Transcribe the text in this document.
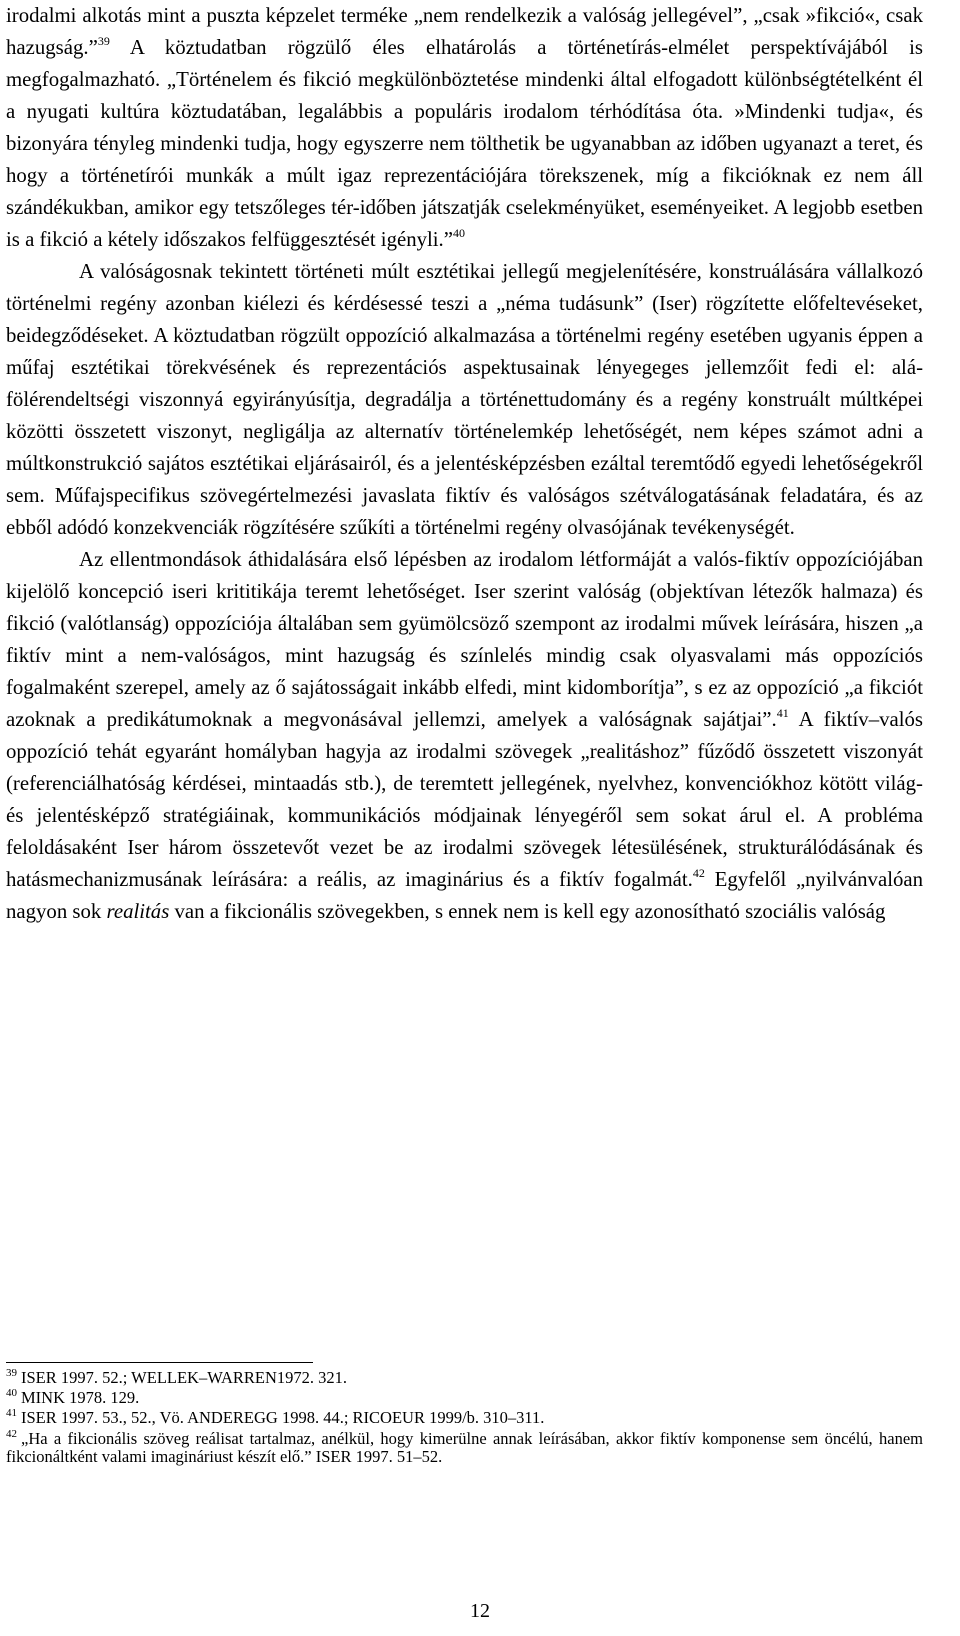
irodalmi alkotás mint a puszta képzelet terméke „nem rendelkezik a valóság jellegével”, „csak »fikció«, csak hazugság.”$^{39}$ A köztudatban rögzülő éles elhatárolás a történetírás-elmélet perspektívájából is megfogalmazható. „Történelem és fikció megkülönböztetése mindenki által elfogadott különbségtételként él a nyugati kultúra köztudatában, legalábbis a populáris irodalom térhódítása óta. »Mindenki tudja«, és bizonyára tényleg mindenki tudja, hogy egyszerre nem tölthetik be ugyanabban az időben ugyanazt a teret, és hogy a történetírói munkák a múlt igaz reprezentációjára törekszenek, míg a fikcióknak ez nem áll szándékukban, amikor egy tetszőleges tér-időben játszatják cselekményüket, eseményeiket. A legjobb esetben is a fikció a kétely időszakos felfüggesztését igényli.”$^{40}$

A valóságosnak tekintett történeti múlt esztétikai jellegű megjelenítésére, konstruálására vállalkozó történelmi regény azonban kiélezi és kérdésessé teszi a „néma tudásunk” (Iser) rögzítette előfeltevéseket, beidegződéseket. A köztudatban rögzült oppozíció alkalmazása a történelmi regény esetében ugyanis éppen a műfaj esztétikai törekvésének és reprezentációs aspektusainak lényegeges jellemzőit fedi el: alá-fölérendeltségi viszonnyá egyirányúsítja, degradálja a történettudomány és a regény konstruált múltképei közötti összetett viszonyt, negligálja az alternatív történelemkép lehetőségét, nem képes számot adni a múltkonstrukció sajátos esztétikai eljárásairól, és a jelentésképzésben ezáltal teremtődő egyedi lehetőségekről sem. Műfajspecifikus szövegértelmezési javaslata fiktív és valóságos szétválogatásának feladatára, és az ebből adódó konzekvenciák rögzítésére szűkíti a történelmi regény olvasójának tevékenységét.

Az ellentmondások áthidalására első lépésben az irodalom létformáját a valós-fiktív oppozíciójában kijelölő koncepció iseri krititikája teremt lehetőséget. Iser szerint valóság (objektívan létezők halmaza) és fikció (valótlanság) oppozíciója általában sem gyümölcsöző szempont az irodalmi művek leírására, hiszen „a fiktív mint a nem-valóságos, mint hazugság és színlelés mindig csak olyasvalami más oppozíciós fogalmaként szerepel, amely az ő sajátosságait inkább elfedi, mint kidomborítja”, s ez az oppozíció „a fikciót azoknak a predikátumoknak a megvonásával jellemzi, amelyek a valóságnak sajátjai”.$^{41}$ A fiktív–valós oppozíció tehát egyaránt homályban hagyja az irodalmi szövegek „realitáshoz” fűződő összetett viszonyát (referenciálhatóság kérdései, mintaadás stb.), de teremtett jellegének, nyelvhez, konvenciókhoz kötött világ- és jelentésképző stratégiáinak, kommunikációs módjainak lényegéről sem sokat árul el. A probléma feloldásaként Iser három összetevőt vezet be az irodalmi szövegek létesülésének, strukturálódásának és hatásmechanizmusának leírására: a reális, az imaginárius és a fiktív fogalmát.$^{42}$ Egyfelől „nyilvánvalóan nagyon sok realitás van a fikcionális szövegekben, s ennek nem is kell egy azonosítható szociális valóság

$^{39}$ ISER 1997. 52.; WELLEK–WARREN1972. 321.

$^{40}$ MINK 1978. 129.

$^{41}$ ISER 1997. 53., 52., Vö. ANDEREGG 1998. 44.; RICOEUR 1999/b. 310–311.

$^{42}$ „Ha a fikcionális szöveg reálisat tartalmaz, anélkül, hogy kimerülne annak leírásában, akkor fiktív komponense sem öncélú, hanem fikcionáltként valami imagináriust készít elő.” ISER 1997. 51–52.

12
